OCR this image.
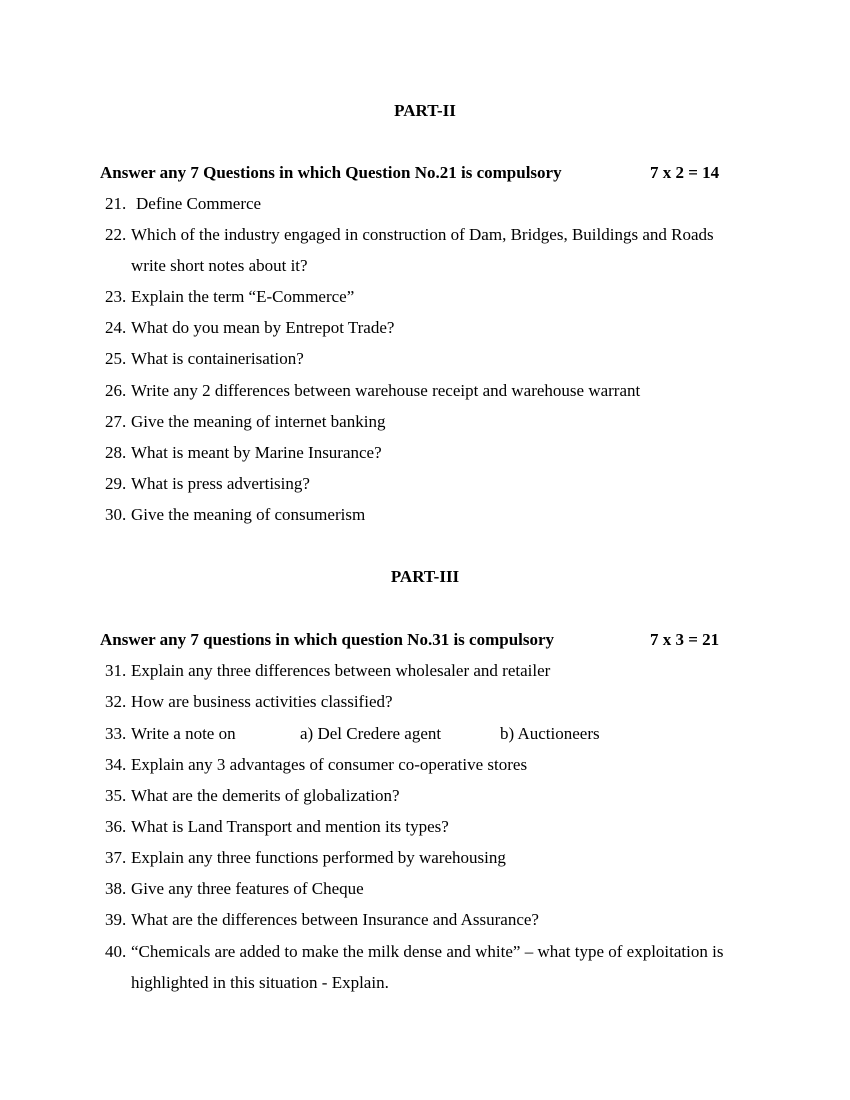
PART-II
Answer any 7 Questions in which Question No.21 is compulsory	7 x 2 = 14
21. Define Commerce
22. Which of the industry engaged in construction of Dam, Bridges, Buildings and Roads
write short notes about it?
23. Explain the term “E-Commerce”
24. What do you mean by Entrepot Trade?
25. What is containerisation?
26. Write any 2 differences between warehouse receipt and warehouse warrant
27. Give the meaning of internet banking
28. What is meant by Marine Insurance?
29. What is press advertising?
30. Give the meaning of consumerism
PART-III
Answer any 7 questions in which question No.31 is compulsory	7 x 3 = 21
31. Explain any three differences between wholesaler and retailer
32. How are business activities classified?
33. Write a note on	a) Del Credere agent	b) Auctioneers
34. Explain any 3 advantages of consumer co-operative stores
35. What are the demerits of globalization?
36. What is Land Transport and mention its types?
37. Explain any three functions performed by warehousing
38. Give any three features of Cheque
39. What are the differences between Insurance and Assurance?
40. “Chemicals are added to make the milk dense and white” – what type of exploitation is
highlighted in this situation - Explain.
